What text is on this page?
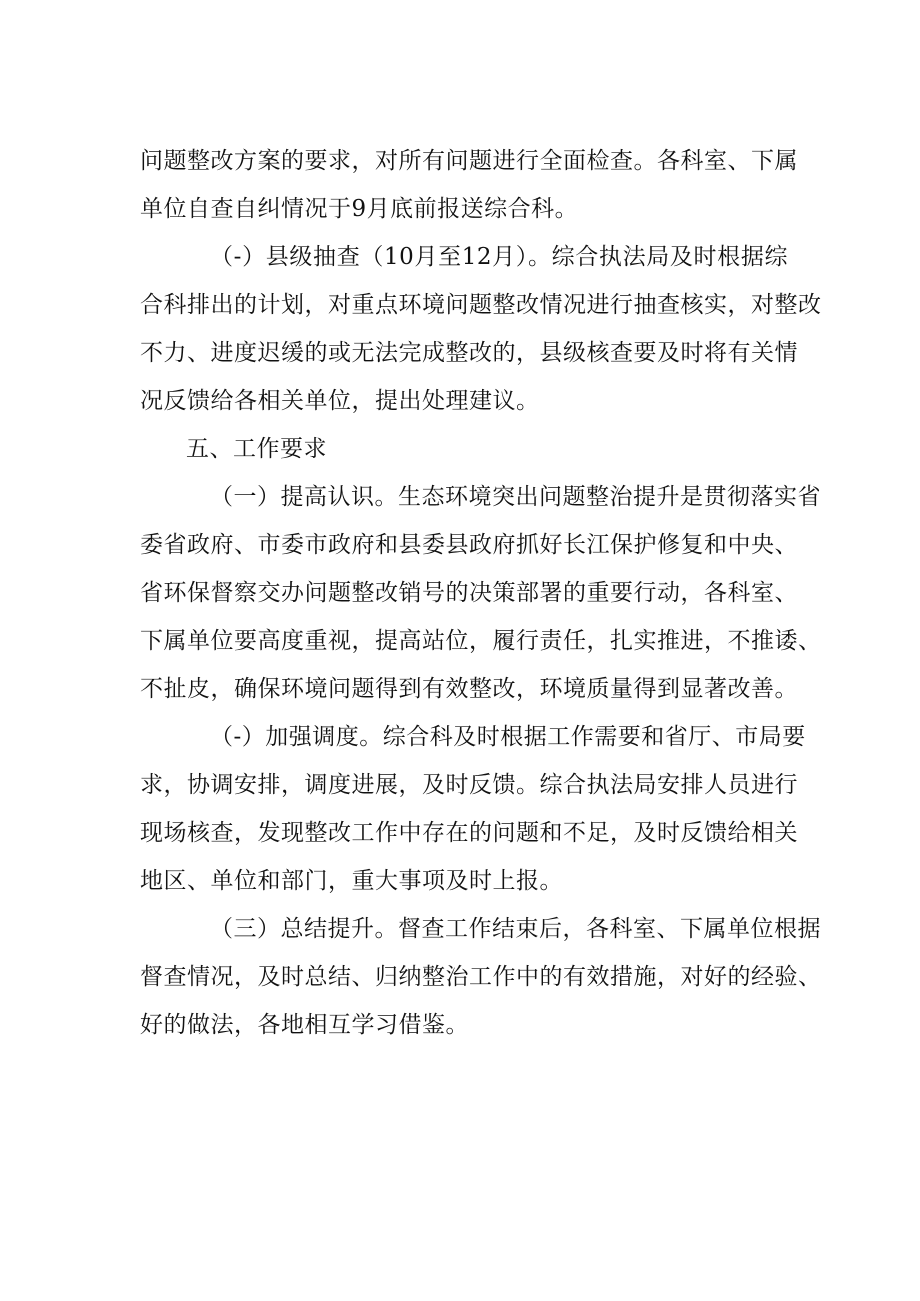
问题整改方案的要求，对所有问题进行全面检查。各科室、下属
单位自查自纠情况于9月底前报送综合科。
（-）县级抽查（10月至12月）。综合执法局及时根据综
合科排出的计划，对重点环境问题整改情况进行抽查核实，对整改
不力、进度迟缓的或无法完成整改的，县级核查要及时将有关情
况反馈给各相关单位，提出处理建议。
五、工作要求
（一）提高认识。生态环境突出问题整治提升是贯彻落实省
委省政府、市委市政府和县委县政府抓好长江保护修复和中央、
省环保督察交办问题整改销号的决策部署的重要行动，各科室、
下属单位要高度重视，提高站位，履行责任，扎实推进，不推诿、
不扯皮，确保环境问题得到有效整改，环境质量得到显著改善。
（-）加强调度。综合科及时根据工作需要和省厅、市局要
求，协调安排，调度进展，及时反馈。综合执法局安排人员进行
现场核查，发现整改工作中存在的问题和不足，及时反馈给相关
地区、单位和部门，重大事项及时上报。
（三）总结提升。督查工作结束后，各科室、下属单位根据
督查情况，及时总结、归纳整治工作中的有效措施，对好的经验、
好的做法，各地相互学习借鉴。
